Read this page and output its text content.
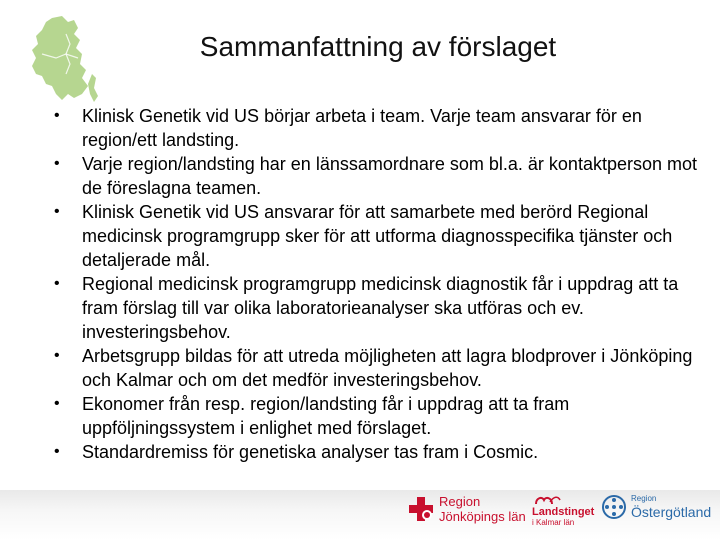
Sammanfattning av förslaget
• Klinisk Genetik vid US börjar arbeta i team. Varje team ansvarar för en region/ett landsting.
• Varje region/landsting har en länssamordnare som bl.a. är kontaktperson mot de föreslagna teamen.
• Klinisk Genetik vid US ansvarar för att samarbete med berörd Regional medicinsk programgrupp sker för att utforma diagnosspecifika tjänster och detaljerade mål.
• Regional medicinsk programgrupp medicinsk diagnostik får i uppdrag att ta fram förslag till var olika laboratorieanalyser ska utföras och ev. investeringsbehov.
• Arbetsgrupp bildas för att utreda möjligheten att lagra blodprover i Jönköping och Kalmar och om det medför investeringsbehov.
• Ekonomer från resp. region/landsting får i uppdrag att ta fram uppföljningssystem i enlighet med förslaget.
• Standardremiss för genetiska analyser tas fram i Cosmic.
Region
Jönköpings län Landstinget
i Kalmar län
Region
Östergötland
